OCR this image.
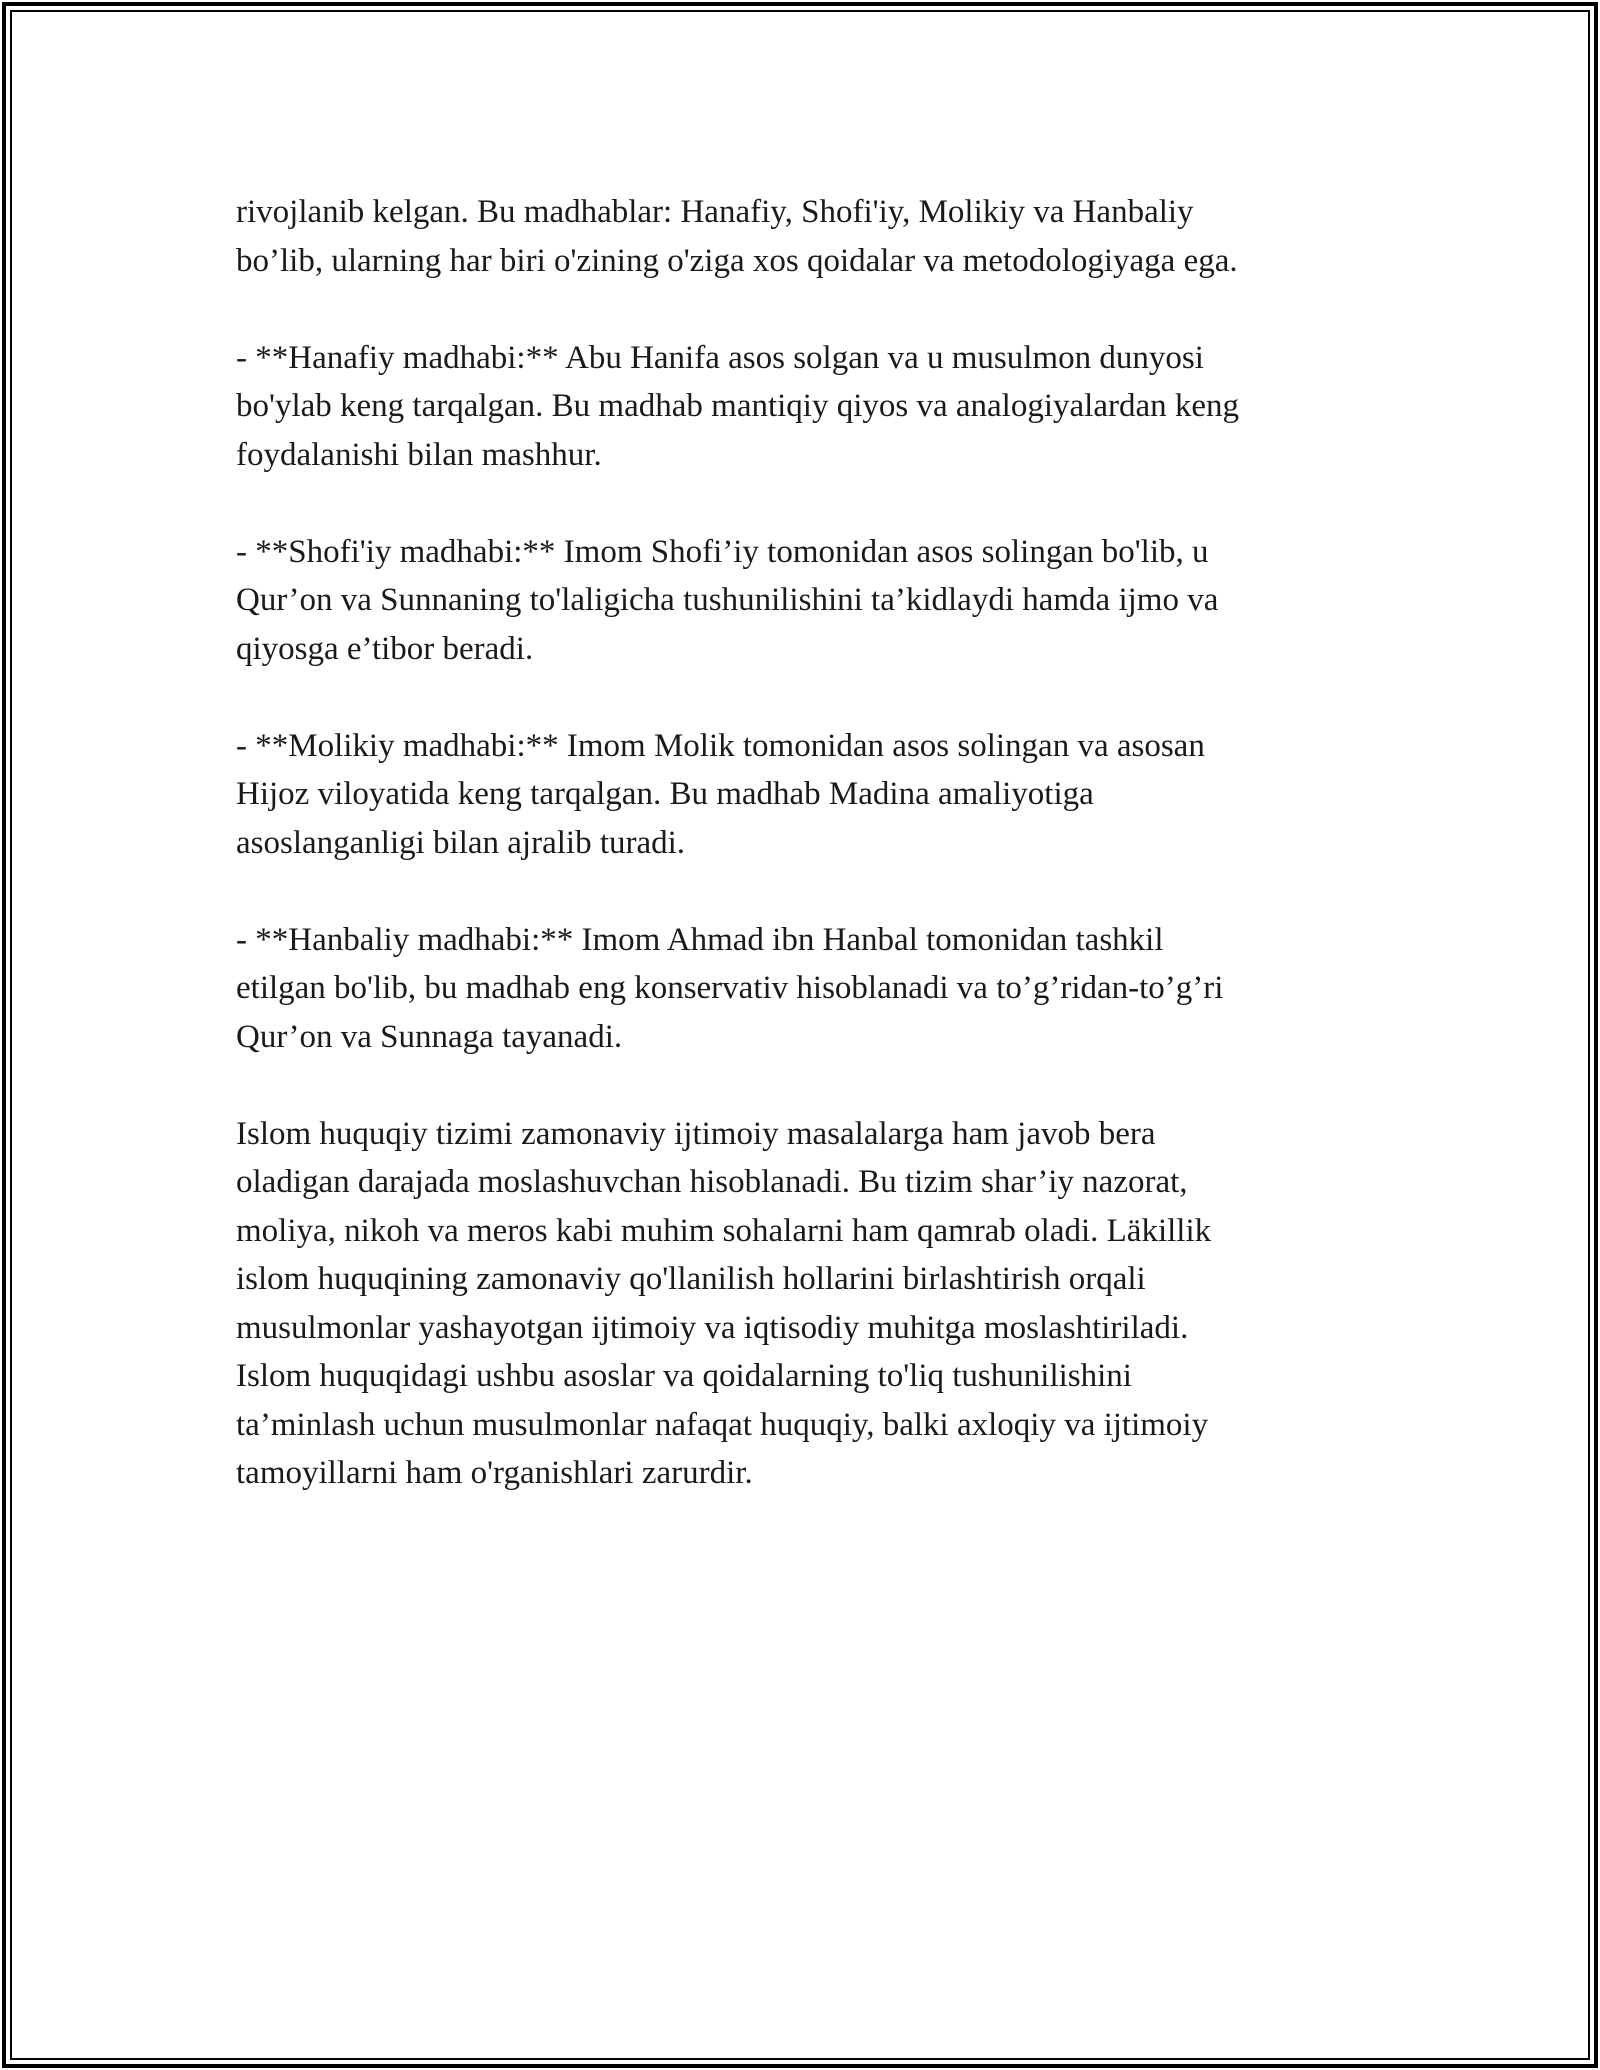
rivojlanib kelgan. Bu madhablar: Hanafiy, Shofi'iy, Molikiy va Hanbaliy
bo’lib, ularning har biri o'zining o'ziga xos qoidalar va metodologiyaga ega.

- **Hanafiy madhabi:** Abu Hanifa asos solgan va u musulmon dunyosi
bo'ylab keng tarqalgan. Bu madhab mantiqiy qiyos va analogiyalardan keng
foydalanishi bilan mashhur.

- **Shofi'iy madhabi:** Imom Shofi’iy tomonidan asos solingan bo'lib, u
Qur’on va Sunnaning to'laligicha tushunilishini ta’kidlaydi hamda ijmo va
qiyosga e’tibor beradi.

- **Molikiy madhabi:** Imom Molik tomonidan asos solingan va asosan
Hijoz viloyatida keng tarqalgan. Bu madhab Madina amaliyotiga
asoslanganligi bilan ajralib turadi.

- **Hanbaliy madhabi:** Imom Ahmad ibn Hanbal tomonidan tashkil
etilgan bo'lib, bu madhab eng konservativ hisoblanadi va to’g’ridan-to’g’ri
Qur’on va Sunnaga tayanadi.

Islom huquqiy tizimi zamonaviy ijtimoiy masalalarga ham javob bera
oladigan darajada moslashuvchan hisoblanadi. Bu tizim shar’iy nazorat,
moliya, nikoh va meros kabi muhim sohalarni ham qamrab oladi. Läkillik
islom huquqining zamonaviy qo'llanilish hollarini birlashtirish orqali
musulmonlar yashayotgan ijtimoiy va iqtisodiy muhitga moslashtiriladi.
Islom huquqidagi ushbu asoslar va qoidalarning to'liq tushunilishini
ta’minlash uchun musulmonlar nafaqat huquqiy, balki axloqiy va ijtimoiy
tamoyillarni ham o'rganishlari zarurdir.
